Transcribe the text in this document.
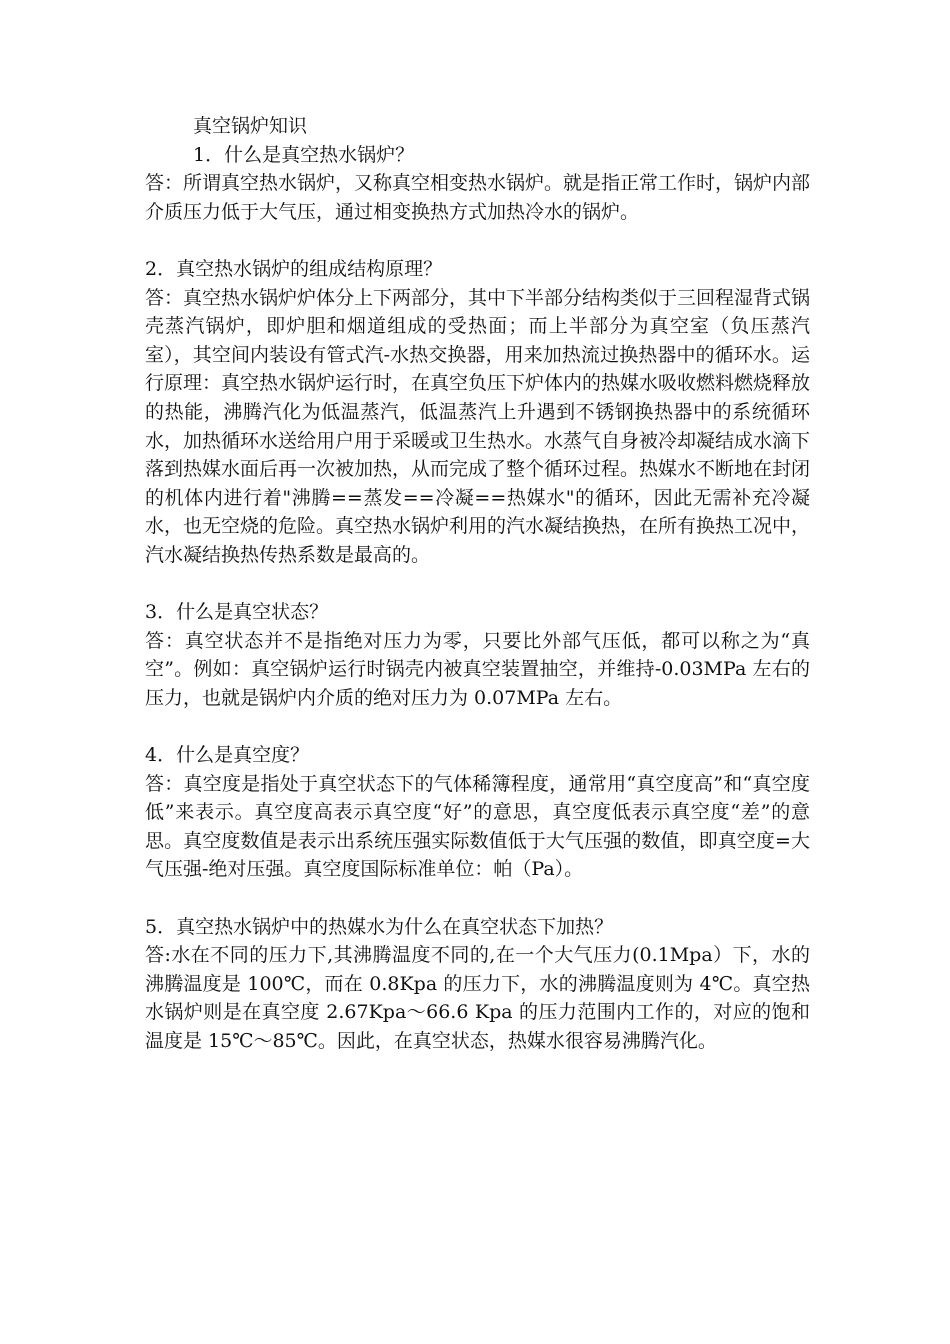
真空锅炉知识

1．什么是真空热水锅炉？

答：所谓真空热水锅炉，又称真空相变热水锅炉。就是指正常工作时，锅炉内部介质压力低于大气压，通过相变换热方式加热冷水的锅炉。

2．真空热水锅炉的组成结构原理？

答：真空热水锅炉炉体分上下两部分，其中下半部分结构类似于三回程湿背式锅壳蒸汽锅炉，即炉胆和烟道组成的受热面；而上半部分为真空室（负压蒸汽室），其空间内装设有管式汽-水热交换器，用来加热流过换热器中的循环水。运行原理：真空热水锅炉运行时，在真空负压下炉体内的热媒水吸收燃料燃烧释放的热能，沸腾汽化为低温蒸汽，低温蒸汽上升遇到不锈钢换热器中的系统循环水，加热循环水送给用户用于采暖或卫生热水。水蒸气自身被冷却凝结成水滴下落到热媒水面后再一次被加热，从而完成了整个循环过程。热媒水不断地在封闭的机体内进行着"沸腾==蒸发==冷凝==热媒水"的循环，因此无需补充冷凝水，也无空烧的危险。真空热水锅炉利用的汽水凝结换热，在所有换热工况中，汽水凝结换热传热系数是最高的。

3．什么是真空状态？

答：真空状态并不是指绝对压力为零，只要比外部气压低，都可以称之为“真空”。例如：真空锅炉运行时锅壳内被真空装置抽空，并维持-0.03MPa 左右的压力，也就是锅炉内介质的绝对压力为 0.07MPa 左右。

4．什么是真空度？

答：真空度是指处于真空状态下的气体稀簿程度，通常用“真空度高”和“真空度低”来表示。真空度高表示真空度“好”的意思，真空度低表示真空度“差”的意思。真空度数值是表示出系统压强实际数值低于大气压强的数值，即真空度=大气压强-绝对压强。真空度国际标准单位：帕（Pa）。

5．真空热水锅炉中的热媒水为什么在真空状态下加热？

答:水在不同的压力下,其沸腾温度不同的,在一个大气压力(0.1Mpa）下，水的沸腾温度是 100℃，而在 0.8Kpa 的压力下，水的沸腾温度则为 4℃。真空热水锅炉则是在真空度 2.67Kpa～66.6 Kpa 的压力范围内工作的，对应的饱和温度是 15℃～85℃。因此，在真空状态，热媒水很容易沸腾汽化。
